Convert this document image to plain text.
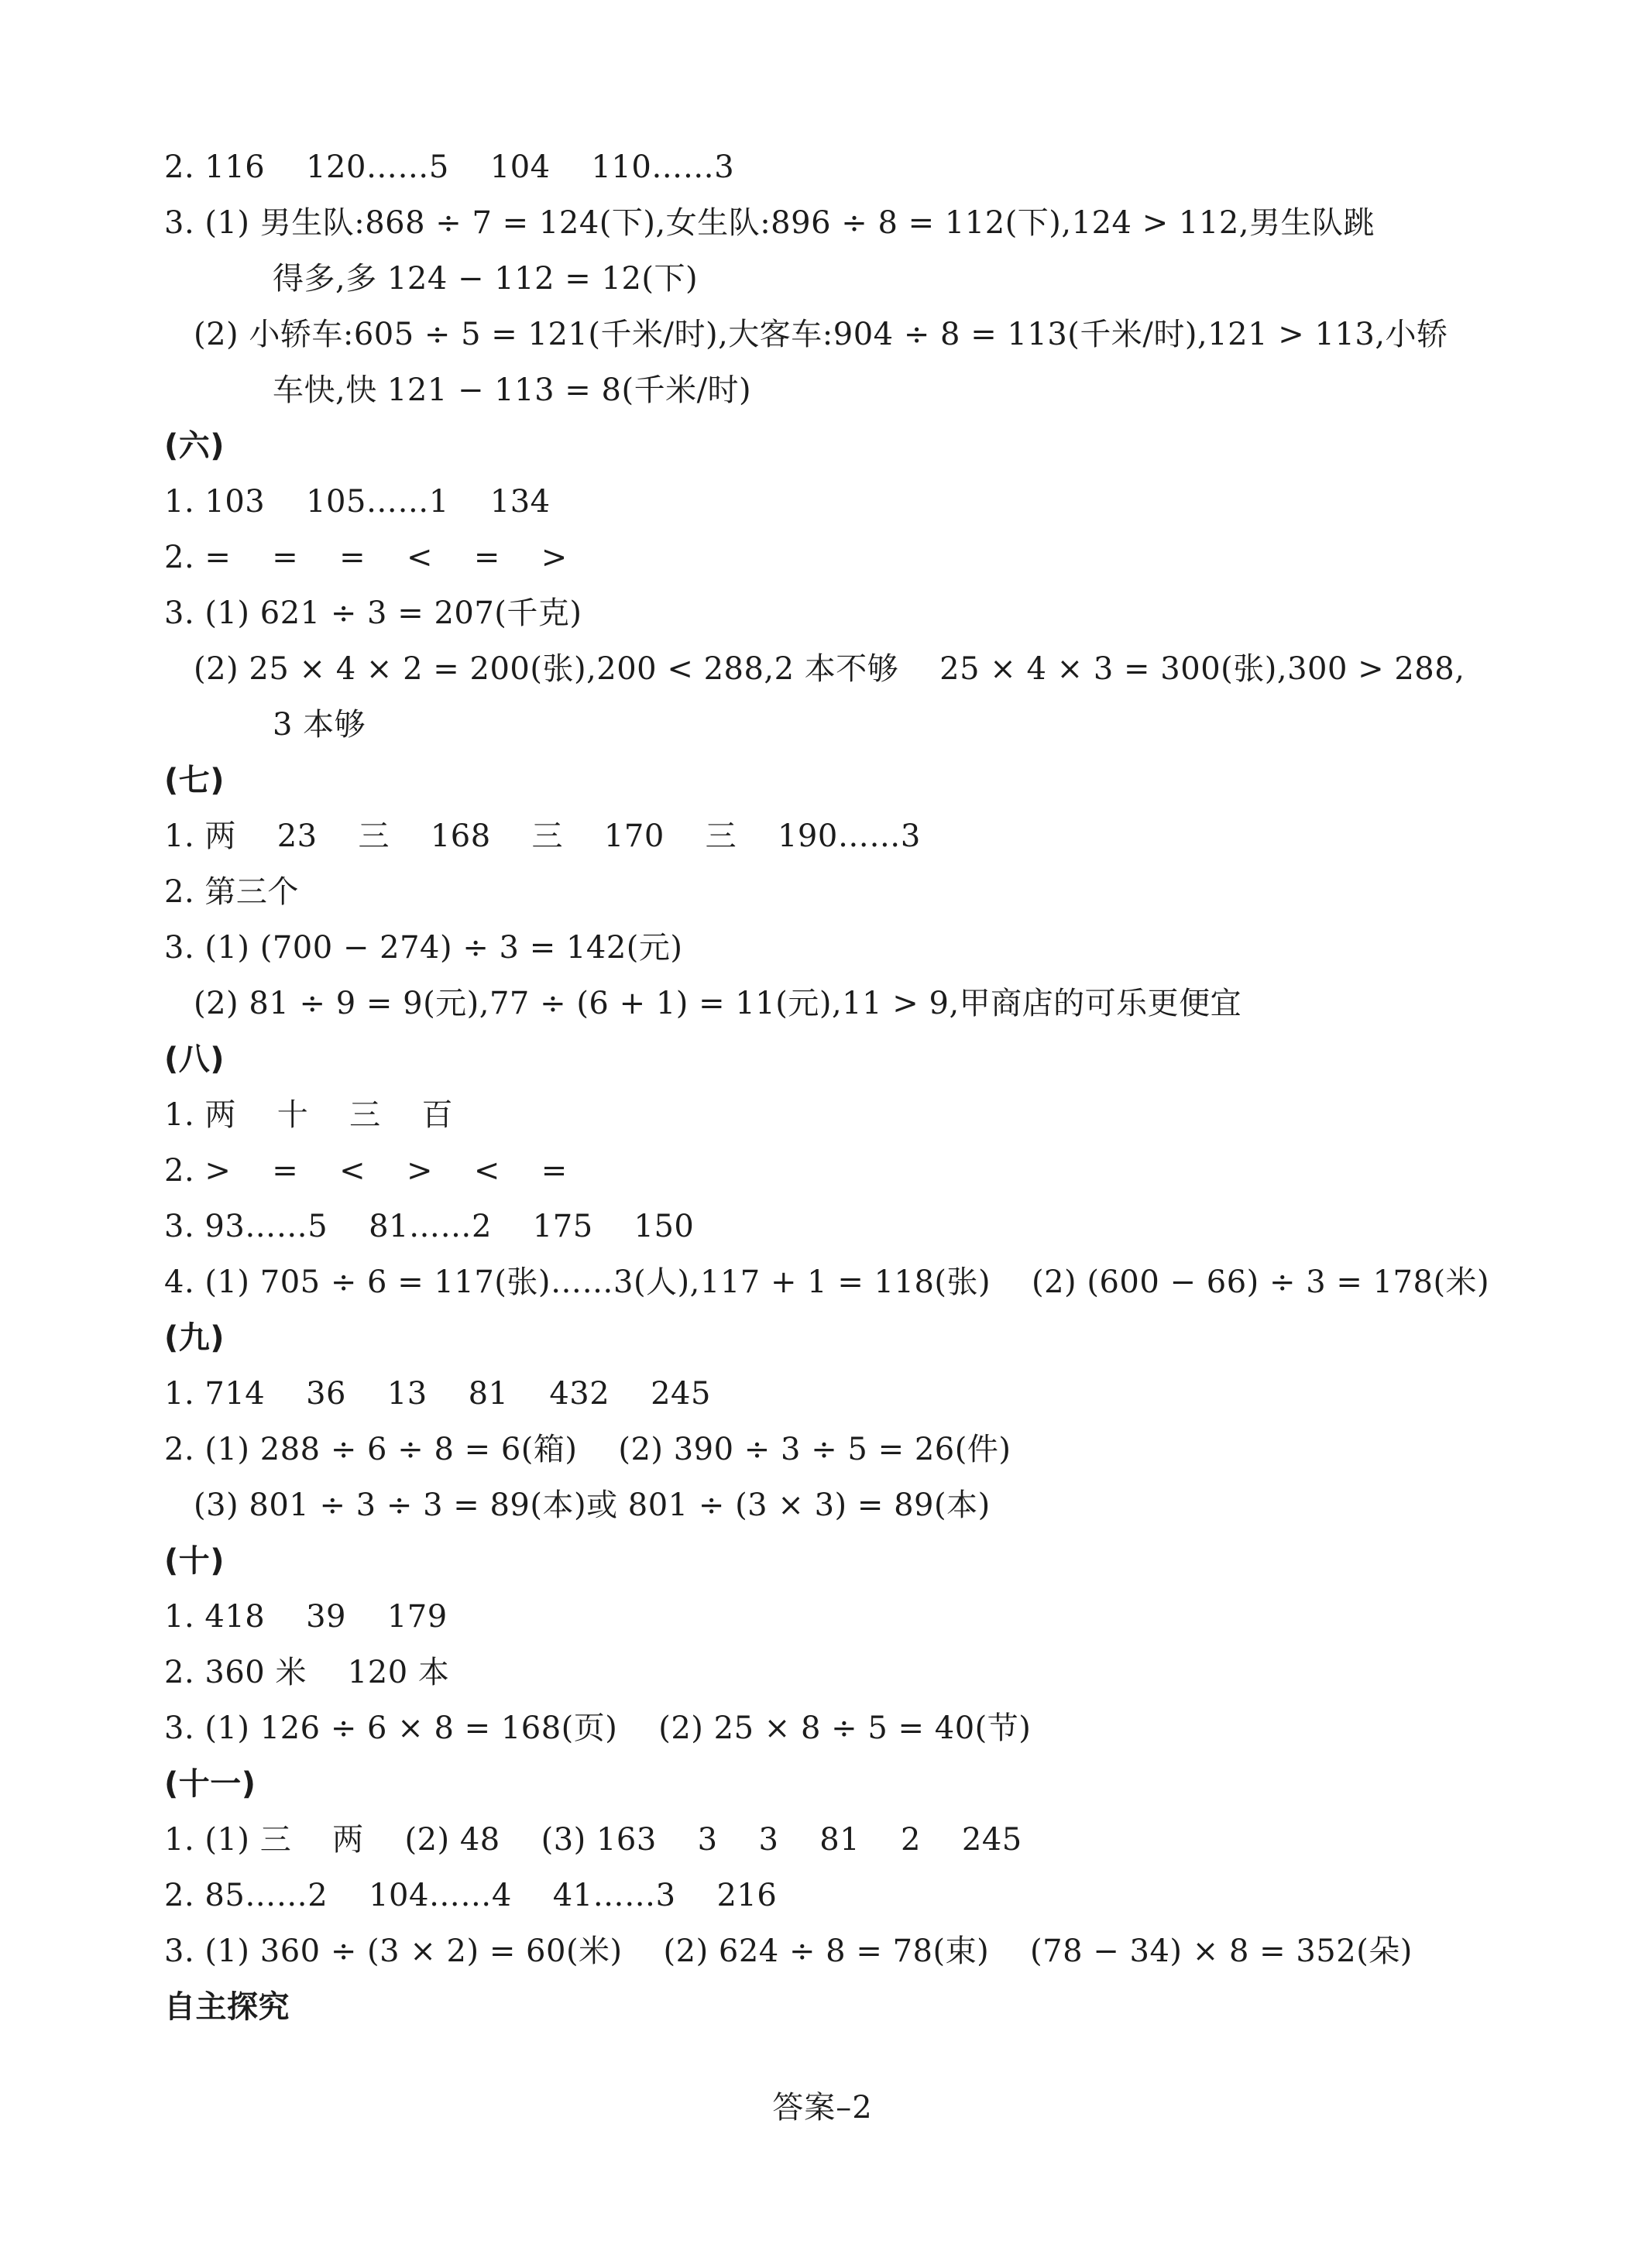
2. 116    120……5    104    110……3
3. (1) 男生队:868 ÷ 7 = 124(下),女生队:896 ÷ 8 = 112(下),124 > 112,男生队跳
得多,多 124 − 112 = 12(下)
(2) 小轿车:605 ÷ 5 = 121(千米/时),大客车:904 ÷ 8 = 113(千米/时),121 > 113,小轿
车快,快 121 − 113 = 8(千米/时)
(六)
1. 103    105……1    134
2. =    =    =    <    =    >
3. (1) 621 ÷ 3 = 207(千克)
(2) 25 × 4 × 2 = 200(张),200 < 288,2 本不够    25 × 4 × 3 = 300(张),300 > 288,
3 本够
(七)
1. 两    23    三    168    三    170    三    190……3
2. 第三个
3. (1) (700 − 274) ÷ 3 = 142(元)
(2) 81 ÷ 9 = 9(元),77 ÷ (6 + 1) = 11(元),11 > 9,甲商店的可乐更便宜
(八)
1. 两    十    三    百
2. >    =    <    >    <    =
3. 93……5    81……2    175    150
4. (1) 705 ÷ 6 = 117(张)……3(人),117 + 1 = 118(张)    (2) (600 − 66) ÷ 3 = 178(米)
(九)
1. 714    36    13    81    432    245
2. (1) 288 ÷ 6 ÷ 8 = 6(箱)    (2) 390 ÷ 3 ÷ 5 = 26(件)
(3) 801 ÷ 3 ÷ 3 = 89(本)或 801 ÷ (3 × 3) = 89(本)
(十)
1. 418    39    179
2. 360 米    120 本
3. (1) 126 ÷ 6 × 8 = 168(页)    (2) 25 × 8 ÷ 5 = 40(节)
(十一)
1. (1) 三    两    (2) 48    (3) 163    3    3    81    2    245
2. 85……2    104……4    41……3    216
3. (1) 360 ÷ (3 × 2) = 60(米)    (2) 624 ÷ 8 = 78(束)    (78 − 34) × 8 = 352(朵)
自主探究
答案–2
